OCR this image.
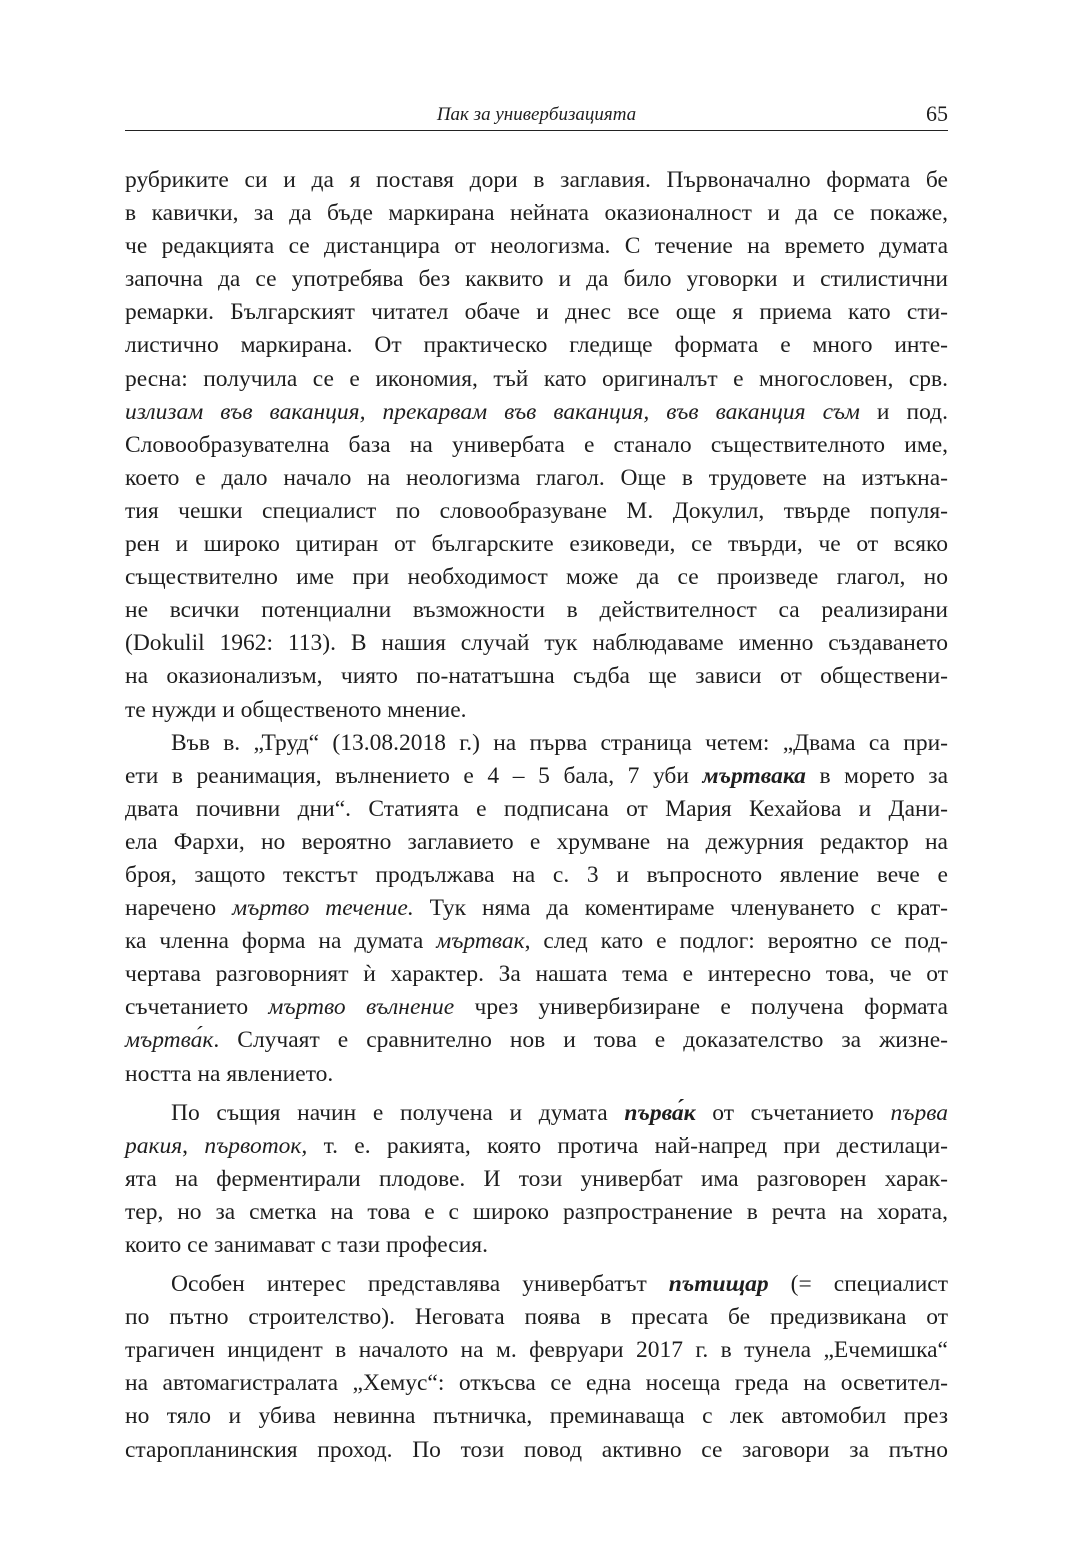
Пак за универбизацията	65
рубриките си и да я поставя дори в заглавия. Първоначално формата бе
в кавички, за да бъде маркирана нейната оказионалност и да се покаже,
че редакцията се дистанцира от неологизма. С течение на времето думата
започна да се употребява без каквито и да било уговорки и стилистични
ремарки. Българският читател обаче и днес все още я приема като сти-
листично маркирана. От практическо гледище формата е много инте-
ресна: получила се е икономия, тъй като оригиналът е многословен, срв.
излизам във ваканция, прекарвам във ваканция, във ваканция съм и под.
Словообразувателна база на универбата е станало съществителното име,
което е дало начало на неологизма глагол. Още в трудовете на изтъкна-
тия чешки специалист по словообразуване М. Докулил, твърде популя-
рен и широко цитиран от българските езиковеди, се твърди, че от всяко
съществително име при необходимост може да се произведе глагол, но
не всички потенциални възможности в действителност са реализирани
(Dokulil 1962: 113). В нашия случай тук наблюдаваме именно създаването
на оказионализъм, чиято по-нататъшна съдба ще зависи от обществени-
те нужди и общественото мнение.
Във в. „Труд“ (13.08.2018 г.) на първа страница четем: „Двама са при-
ети в реанимация, вълнението е 4 – 5 бала, 7 уби мъртвака в морето за
двата почивни дни“. Статията е подписана от Мария Кехайова и Дани-
ела Фархи, но вероятно заглавието е хрумване на дежурния редактор на
броя, защото текстът продължава на с. 3 и въпросното явление вече е
наречено мъртво течение. Тук няма да коментираме членуването с крат-
ка членна форма на думата мъртвак, след като е подлог: вероятно се под-
чертава разговорният ѝ характер. За нашата тема е интересно това, че от
съчетанието мъртво вълнение чрез универбизиране е получена формата
мъртва́к. Случаят е сравнително нов и това е доказателство за жизне-
ността на явлението.
По същия начин е получена и думата първа́к от съчетанието първа
ракия, първоток, т. е. ракията, която протича най-напред при дестилаци-
ята на ферментирали плодове. И този универбат има разговорен харак-
тер, но за сметка на това е с широко разпространение в речта на хората,
които се занимават с тази професия.
Особен интерес представлява универбатът пътищар (= специалист
по пътно строителство). Неговата поява в пресата бе предизвикана от
трагичен инцидент в началото на м. февруари 2017 г. в тунела „Ечемишка“
на автомагистралата „Хемус“: откъсва се една носеща греда на осветител-
но тяло и убива невинна пътничка, преминаваща с лек автомобил през
старопланинския проход. По този повод активно се заговори за пътно
